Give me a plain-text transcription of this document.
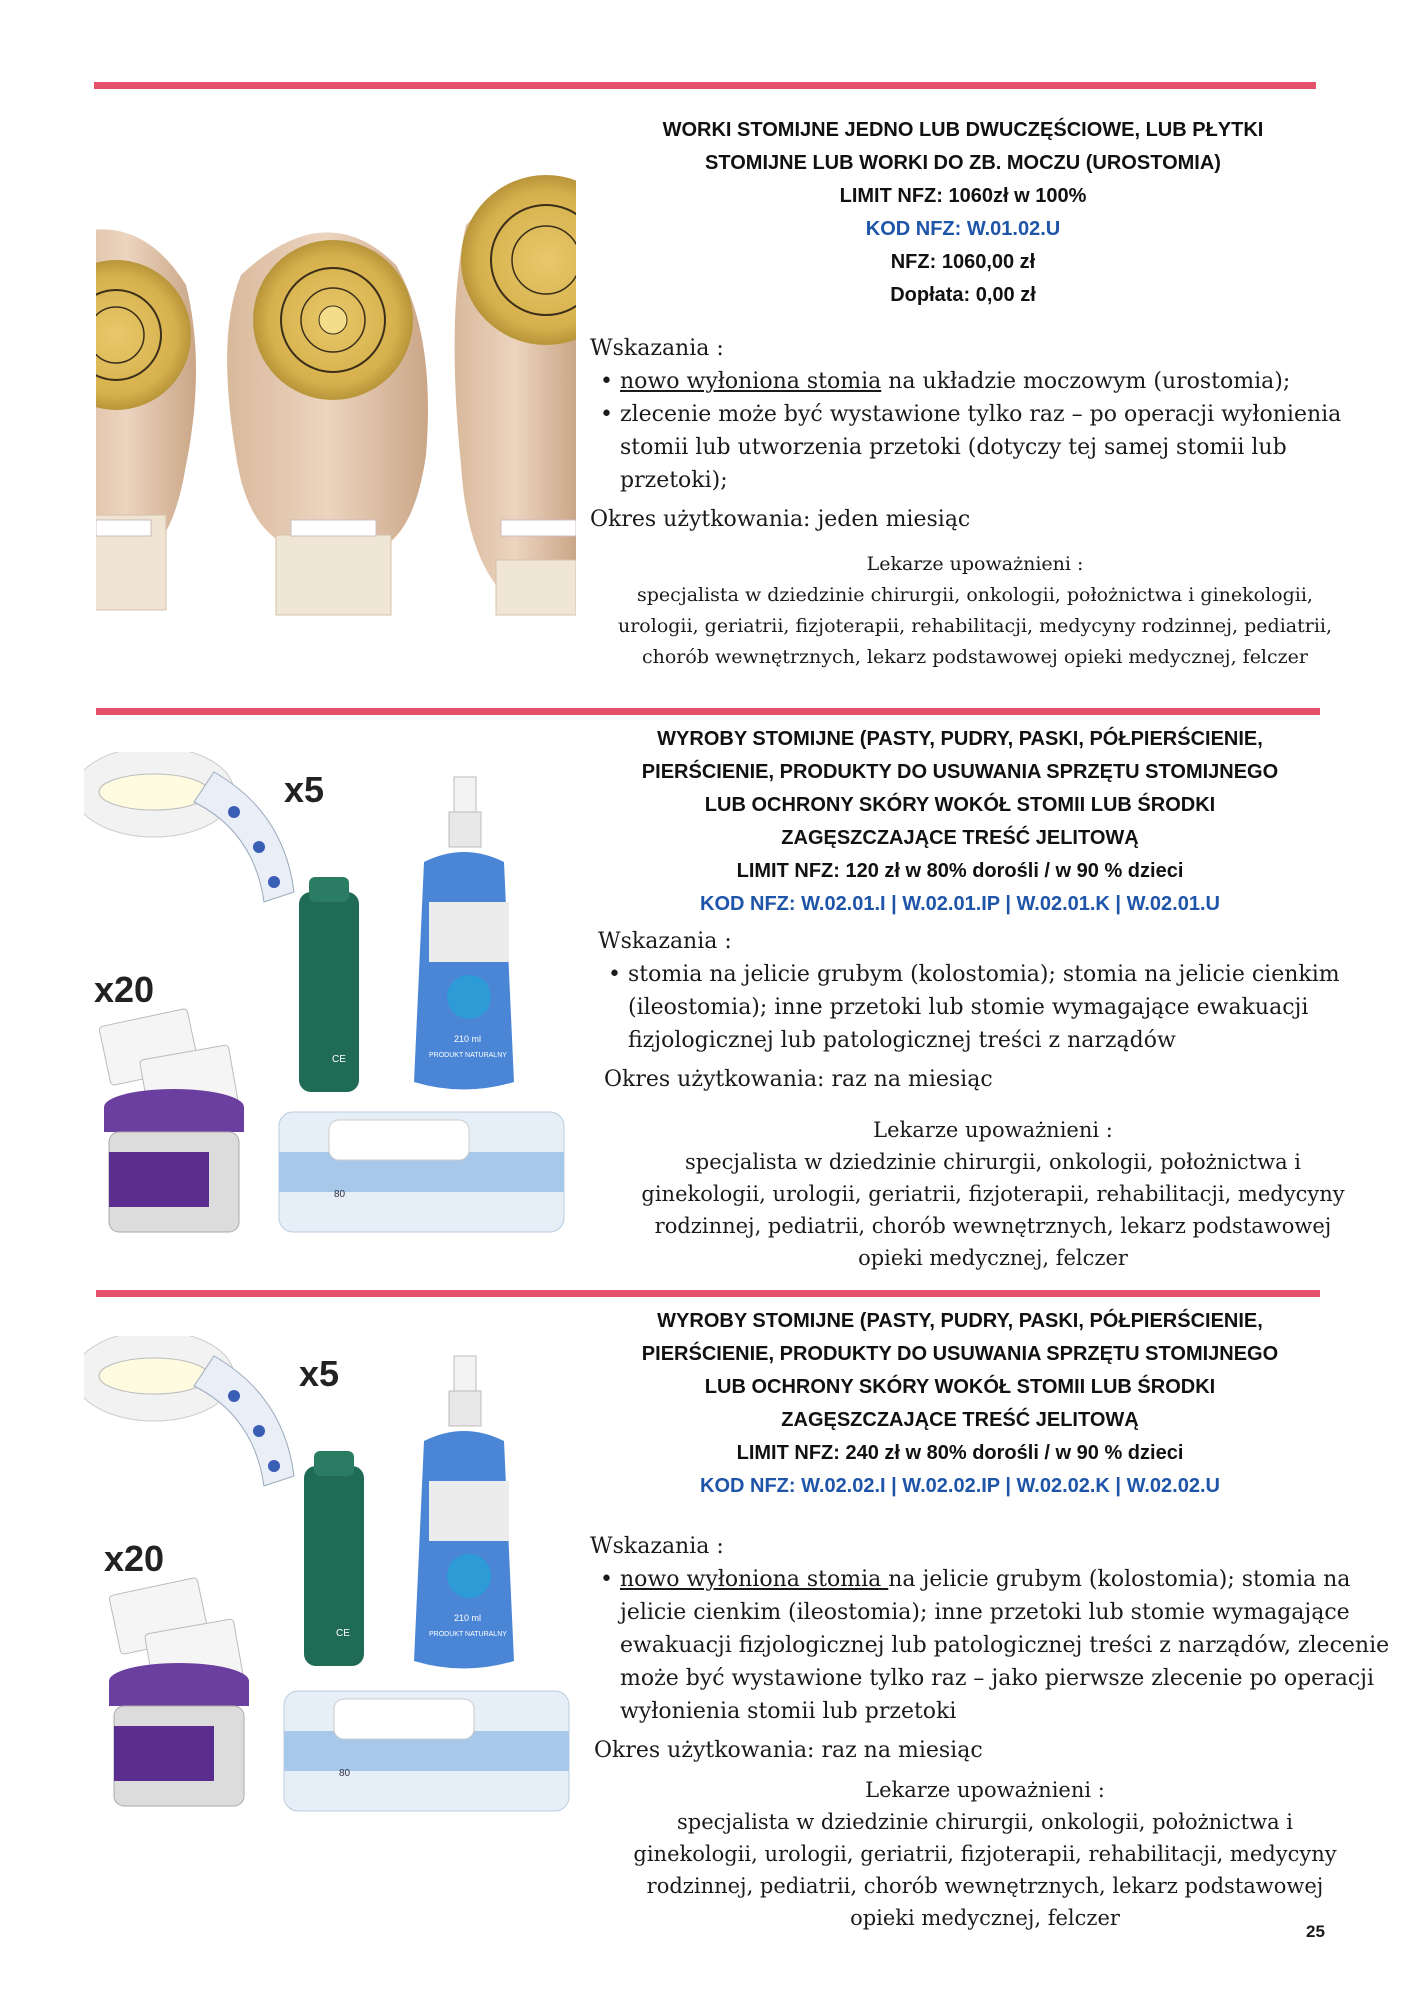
WORKI STOMIJNE JEDNO LUB DWUCZĘŚCIOWE, LUB PŁYTKI
STOMIJNE LUB WORKI DO ZB. MOCZU (UROSTOMIA)
LIMIT NFZ: 1060zł w 100%
KOD NFZ: W.01.02.U
NFZ: 1060,00 zł
Dopłata: 0,00 zł
Wskazania :
• nowo wyłoniona stomia na układzie moczowym (urostomia);
• zlecenie może być wystawione tylko raz – po operacji wyłonienia stomii lub utworzenia przetoki (dotyczy tej samej stomii lub przetoki);
Okres użytkowania: jeden miesiąc
Lekarze upoważnieni :
specjalista w dziedzinie chirurgii, onkologii, położnictwa i ginekologii,
urologii, geriatrii, fizjoterapii, rehabilitacji, medycyny rodzinnej, pediatrii,
chorób wewnętrznych, lekarz podstawowej opieki medycznej, felczer
x5
x20
CE
210 ml
PRODUKT NATURALNY
80
WYROBY STOMIJNE (PASTY, PUDRY, PASKI, PÓŁPIERŚCIENIE,
PIERŚCIENIE, PRODUKTY DO USUWANIA SPRZĘTU STOMIJNEGO
LUB OCHRONY SKÓRY WOKÓŁ STOMII LUB ŚRODKI
ZAGĘSZCZAJĄCE TREŚĆ JELITOWĄ
LIMIT NFZ: 120 zł w 80% dorośli / w 90 % dzieci
KOD NFZ: W.02.01.I | W.02.01.IP | W.02.01.K | W.02.01.U
Wskazania :
• stomia na jelicie grubym (kolostomia); stomia na jelicie cienkim (ileostomia); inne przetoki lub stomie wymagające ewakuacji fizjologicznej lub patologicznej treści z narządów
Okres użytkowania: raz na miesiąc
Lekarze upoważnieni :
specjalista w dziedzinie chirurgii, onkologii, położnictwa i
ginekologii, urologii, geriatrii, fizjoterapii, rehabilitacji, medycyny
rodzinnej, pediatrii, chorób wewnętrznych, lekarz podstawowej
opieki medycznej, felczer
x5
x20
CE
210 ml
PRODUKT NATURALNY
80
WYROBY STOMIJNE (PASTY, PUDRY, PASKI, PÓŁPIERŚCIENIE,
PIERŚCIENIE, PRODUKTY DO USUWANIA SPRZĘTU STOMIJNEGO
LUB OCHRONY SKÓRY WOKÓŁ STOMII LUB ŚRODKI
ZAGĘSZCZAJĄCE TREŚĆ JELITOWĄ
LIMIT NFZ: 240 zł w 80% dorośli / w 90 % dzieci
KOD NFZ: W.02.02.I | W.02.02.IP | W.02.02.K | W.02.02.U
Wskazania :
• nowo wyłoniona stomia na jelicie grubym (kolostomia); stomia na jelicie cienkim (ileostomia); inne przetoki lub stomie wymagające ewakuacji fizjologicznej lub patologicznej treści z narządów, zlecenie może być wystawione tylko raz – jako pierwsze zlecenie po operacji wyłonienia stomii lub przetoki
Okres użytkowania: raz na miesiąc
Lekarze upoważnieni :
specjalista w dziedzinie chirurgii, onkologii, położnictwa i
ginekologii, urologii, geriatrii, fizjoterapii, rehabilitacji, medycyny
rodzinnej, pediatrii, chorób wewnętrznych, lekarz podstawowej
opieki medycznej, felczer
25
